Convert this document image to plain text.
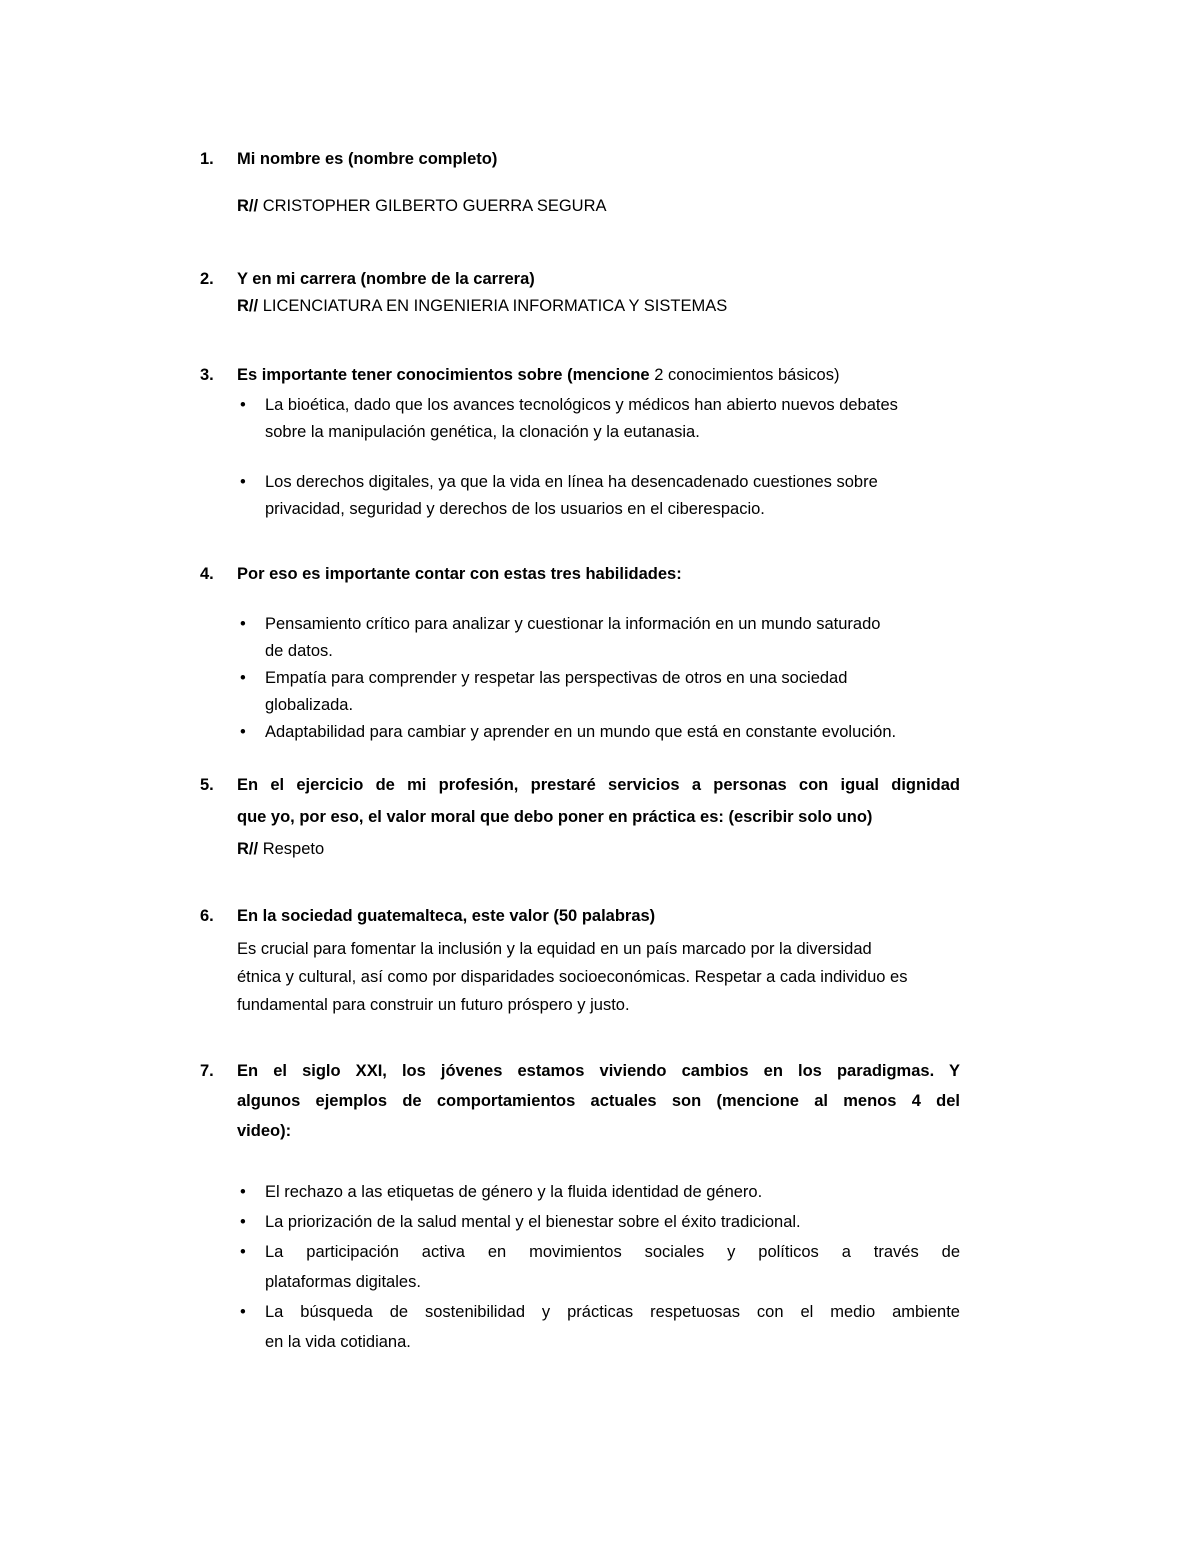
1.	Mi nombre es (nombre completo)
R// CRISTOPHER GILBERTO GUERRA SEGURA
2.	Y en mi carrera (nombre de la carrera)
R// LICENCIATURA EN INGENIERIA INFORMATICA Y SISTEMAS
3.	Es importante tener conocimientos sobre (mencione 2 conocimientos básicos)
•	La bioética, dado que los avances tecnológicos y médicos han abierto nuevos debates
sobre la manipulación genética, la clonación y la eutanasia.
•	Los derechos digitales, ya que la vida en línea ha desencadenado cuestiones sobre
privacidad, seguridad y derechos de los usuarios en el ciberespacio.
4.	Por eso es importante contar con estas tres habilidades:
•	Pensamiento crítico para analizar y cuestionar la información en un mundo saturado
de datos.
•	Empatía para comprender y respetar las perspectivas de otros en una sociedad
globalizada.
•	Adaptabilidad para cambiar y aprender en un mundo que está en constante evolución.
5.	En el ejercicio de mi profesión, prestaré servicios a personas con igual dignidad
que yo, por eso, el valor moral que debo poner en práctica es: (escribir solo uno)
R// Respeto
6.	En la sociedad guatemalteca, este valor (50 palabras)
Es crucial para fomentar la inclusión y la equidad en un país marcado por la diversidad
étnica y cultural, así como por disparidades socioeconómicas. Respetar a cada individuo es
fundamental para construir un futuro próspero y justo.
7.	En el siglo XXI, los jóvenes estamos viviendo cambios en los paradigmas. Y
algunos ejemplos de comportamientos actuales son (mencione al menos 4 del
video):
•	El rechazo a las etiquetas de género y la fluida identidad de género.
•	La priorización de la salud mental y el bienestar sobre el éxito tradicional.
•	La participación activa en movimientos sociales y políticos a través de
plataformas digitales.
•	La búsqueda de sostenibilidad y prácticas respetuosas con el medio ambiente
en la vida cotidiana.
